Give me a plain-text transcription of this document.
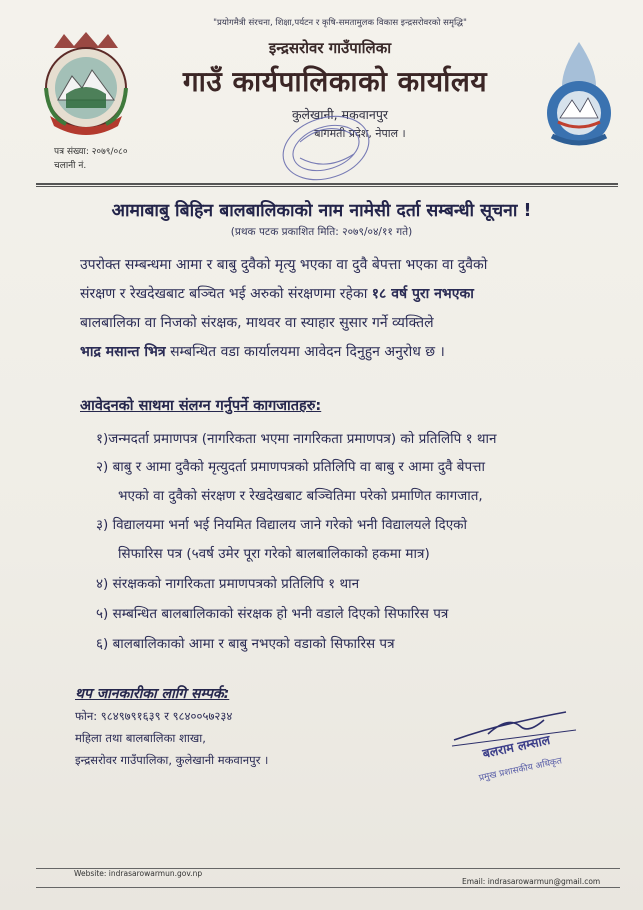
"प्रयोगमैत्री संरचना, शिक्षा,पर्यटन र कृषि-समतामुलक विकास इन्द्रसरोवरको समृद्धि"
इन्द्रसरोवर गाउँपालिका
गाउँ कार्यपालिकाको कार्यालय
कुलेखानी, मकवानपुर
बागमती प्रदेश, नेपाल ।
पत्र संख्या: २०७९/०८०
चलानी नं.
आमाबाबु बिहिन बालबालिकाको नाम नामेसी दर्ता सम्बन्धी सूचना !
(प्रथक पटक प्रकाशित मिति: २०७९/०४/११ गते)
उपरोक्त सम्बन्धमा आमा र बाबु दुवैको मृत्यु भएका वा दुवै बेपत्ता भएका वा दुवैको
संरक्षण र रेखदेखबाट बञ्चित भई अरुको संरक्षणमा रहेका १८ वर्ष पुरा नभएका
बालबालिका वा निजको संरक्षक, माथवर वा स्याहार सुसार गर्ने व्यक्तिले
भाद्र मसान्त भित्र सम्बन्धित वडा कार्यालयमा आवेदन दिनुहुन अनुरोध छ ।
आवेदनको साथमा संलग्न गर्नुपर्ने कागजातहरु:
१)जन्मदर्ता प्रमाणपत्र (नागरिकता भएमा नागरिकता प्रमाणपत्र) को प्रतिलिपि १ थान
२) बाबु र आमा दुवैको मृत्युदर्ता प्रमाणपत्रको प्रतिलिपि वा बाबु र आमा दुवै बेपत्ता
भएको वा दुवैको संरक्षण र रेखदेखबाट बञ्चितिमा परेको प्रमाणित कागजात,
३) विद्यालयमा भर्ना भई नियमित विद्यालय जाने गरेको भनी विद्यालयले दिएको
सिफारिस पत्र (५वर्ष उमेर पूरा गरेको बालबालिकाको हकमा मात्र)
४) संरक्षकको नागरिकता प्रमाणपत्रको प्रतिलिपि १ थान
५) सम्बन्धित बालबालिकाको संरक्षक हो भनी वडाले दिएको सिफारिस पत्र
६) बालबालिकाको आमा र बाबु नभएको वडाको सिफारिस पत्र
थप जानकारीका लागि सम्पर्क:
फोन: ९८४९७९१६३९ र ९८४००५७२३४
महिला तथा बालबालिका शाखा,
इन्द्रसरोवर गाउँपालिका, कुलेखानी मकवानपुर ।	बलराम लम्साल
प्रमुख प्रशासकीय अधिकृत
Website: indrasarowarmun.gov.np
Email: indrasarowarmun@gmail.com
